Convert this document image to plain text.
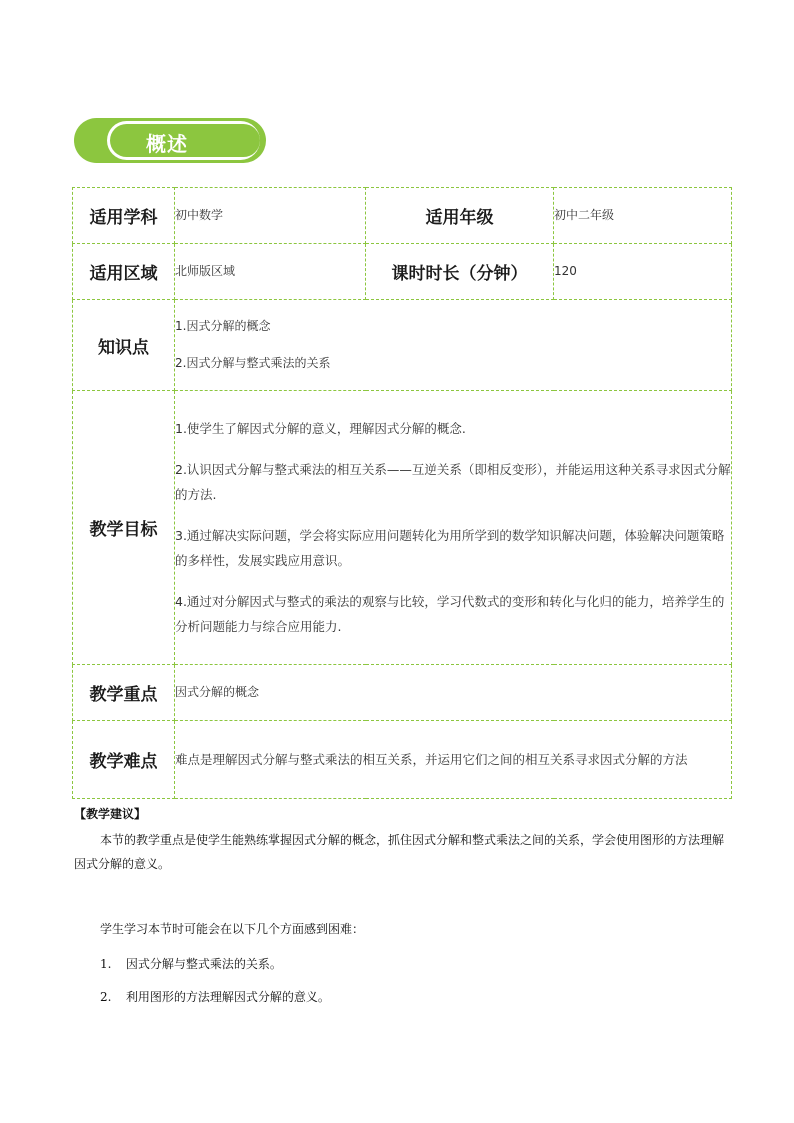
概述
适用学科	初中数学	适用年级	初中二年级
适用区域	北师版区域	课时时长（分钟）	120
知识点	1.因式分解的概念

2.因式分解与整式乘法的关系		

教学目标	1.使学生了解因式分解的意义，理解因式分解的概念.

2.认识因式分解与整式乘法的相互关系——互逆关系（即相反变形），并能运用这种关系寻求因式分解的方法.

3.通过解决实际问题，学会将实际应用问题转化为用所学到的数学知识解决问题，体验解决问题策略的多样性，发展实践应用意识。

4.通过对分解因式与整式的乘法的观察与比较，学习代数式的变形和转化与化归的能力，培养学生的分析问题能力与综合应用能力.		

教学重点	因式分解的概念		
教学难点	难点是理解因式分解与整式乘法的相互关系，并运用它们之间的相互关系寻求因式分解的方法		

【教学建议】

本节的教学重点是使学生能熟练掌握因式分解的概念，抓住因式分解和整式乘法之间的关系，学会使用图形的方法理解因式分解的意义。

学生学习本节时可能会在以下几个方面感到困难：

1. 因式分解与整式乘法的关系。

2. 利用图形的方法理解因式分解的意义。
